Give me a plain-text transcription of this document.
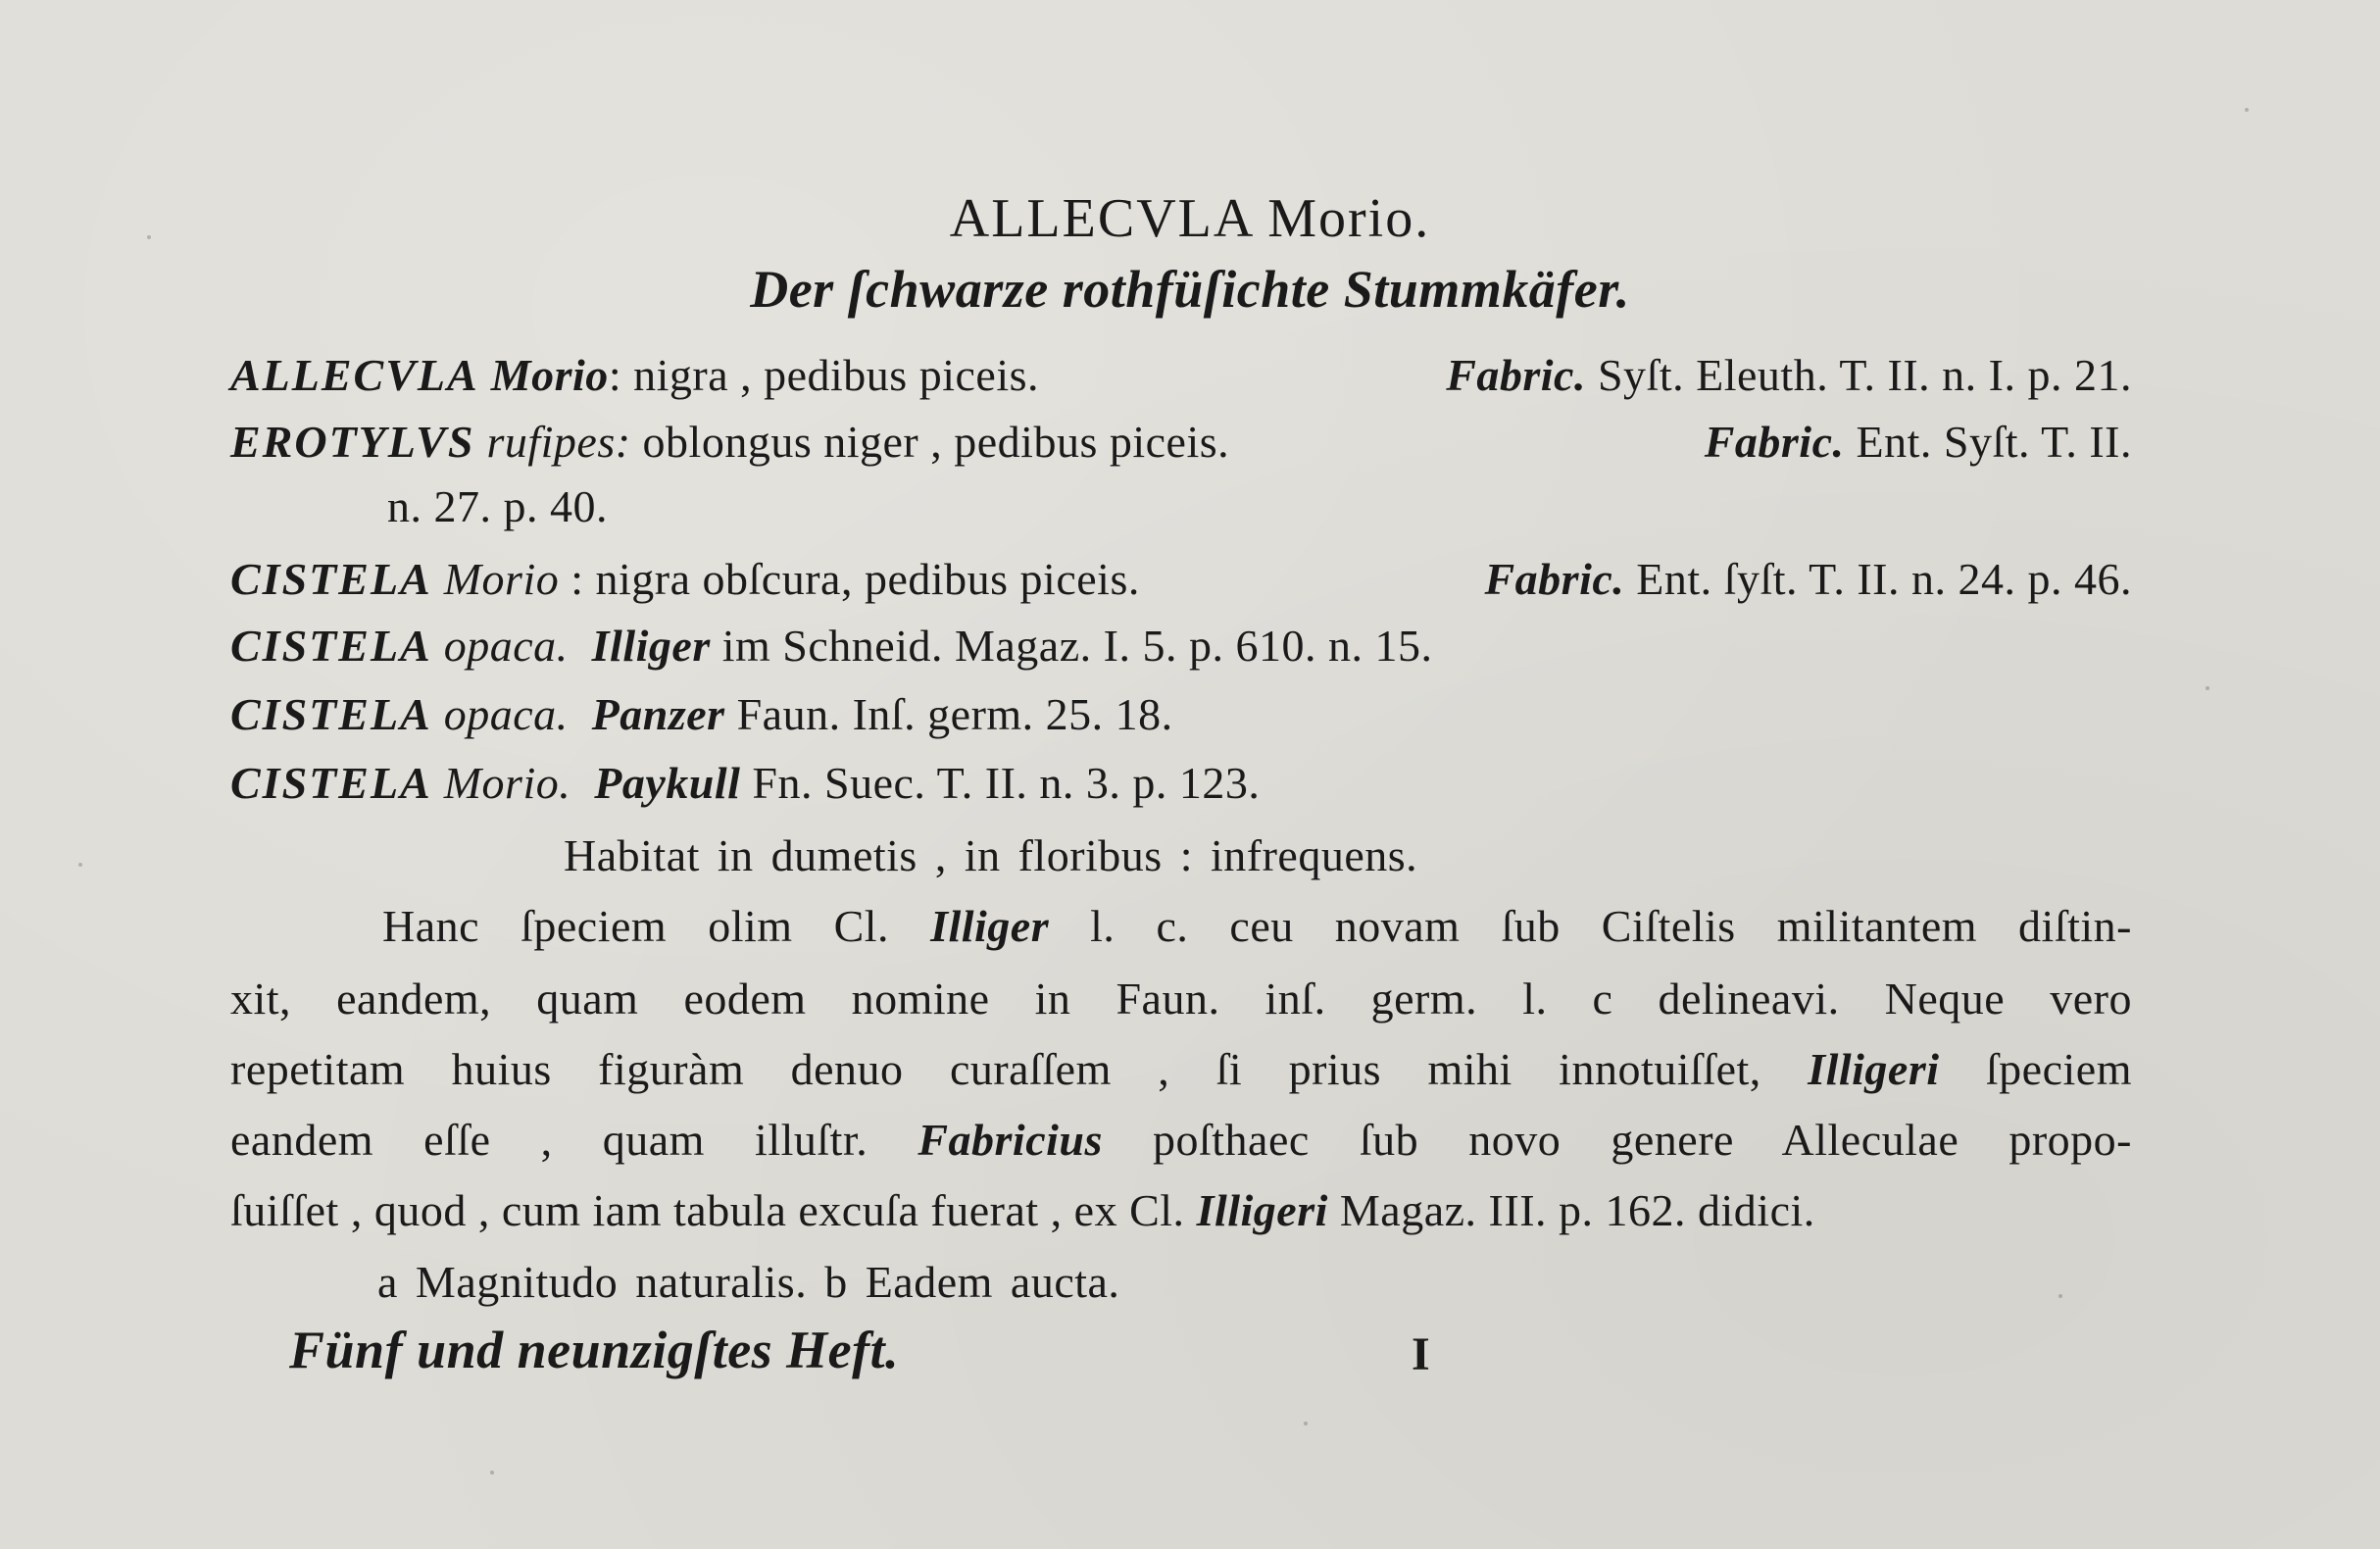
ALLECVLA Morio.
Der ſchwarze rothfüſichte Stummkäfer.
ALLECVLA Morio: nigra , pedibus piceis.	Fabric. Syſt. Eleuth. T. II. n. I. p. 21.
EROTYLVS rufipes: oblongus niger , pedibus piceis.	Fabric. Ent. Syſt. T. II.
n. 27. p. 40.
CISTELA Morio : nigra obſcura, pedibus piceis.	Fabric. Ent. ſyſt. T. II. n. 24. p. 46.
CISTELA opaca. Illiger im Schneid. Magaz. I. 5. p. 610. n. 15.
CISTELA opaca. Panzer Faun. Inſ. germ. 25. 18.
CISTELA Morio. Paykull Fn. Suec. T. II. n. 3. p. 123.
Habitat in dumetis , in floribus : infrequens.
Hanc ſpeciem olim Cl. Illiger l. c. ceu novam ſub Ciſtelis militantem diſtin-
xit, eandem, quam eodem nomine in Faun. inſ. germ. l. c delineavi. Neque vero
repetitam huius figuràm denuo curaſſem , ſi prius mihi innotuiſſet, Illigeri ſpeciem
eandem eſſe , quam illuſtr. Fabricius poſthaec ſub novo genere Alleculae propo-
ſuiſſet , quod , cum iam tabula excuſa fuerat , ex Cl. Illigeri Magaz. III. p. 162. didici.
a Magnitudo naturalis. b Eadem aucta.
Fünf und neunzigſtes Heft.	I
